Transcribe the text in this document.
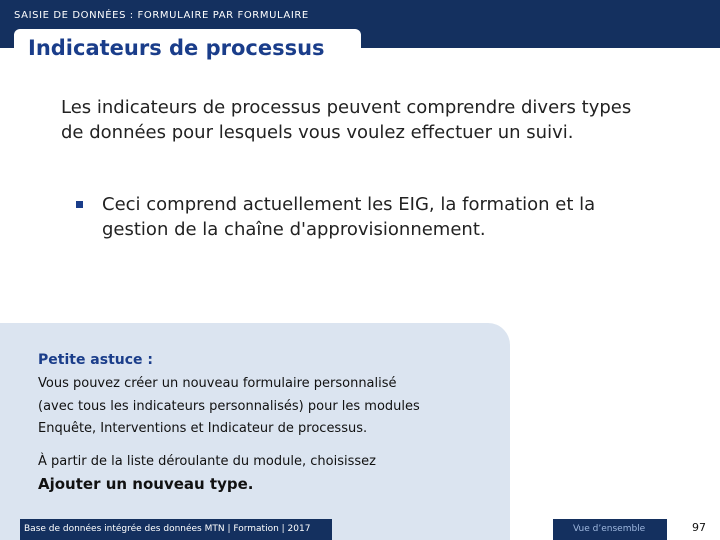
SAISIE DE DONNÉES : FORMULAIRE PAR FORMULAIRE
Indicateurs de processus
Les indicateurs de processus peuvent comprendre divers types de données pour lesquels vous voulez effectuer un suivi.
Ceci comprend actuellement les EIG, la formation et la gestion de la chaîne d'approvisionnement.
Petite astuce :
Vous pouvez créer un nouveau formulaire personnalisé
(avec tous les indicateurs personnalisés) pour les modules
Enquête, Interventions et Indicateur de processus.
À partir de la liste déroulante du module, choisissez
Ajouter un nouveau type.
Base de données intégrée des données MTN | Formation | 2017	Vue d’ensemble	97
